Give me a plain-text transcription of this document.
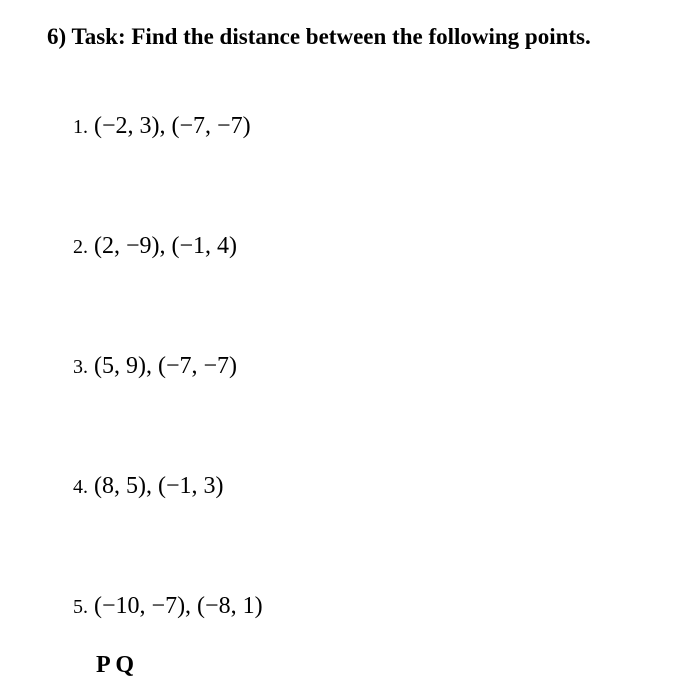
6) Task: Find the distance between the following points.
1. (−2, 3), (−7, −7)
2. (2, −9), (−1, 4)
3. (5, 9), (−7, −7)
4. (8, 5), (−1, 3)
5. (−10, −7), (−8, 1)
P Q
